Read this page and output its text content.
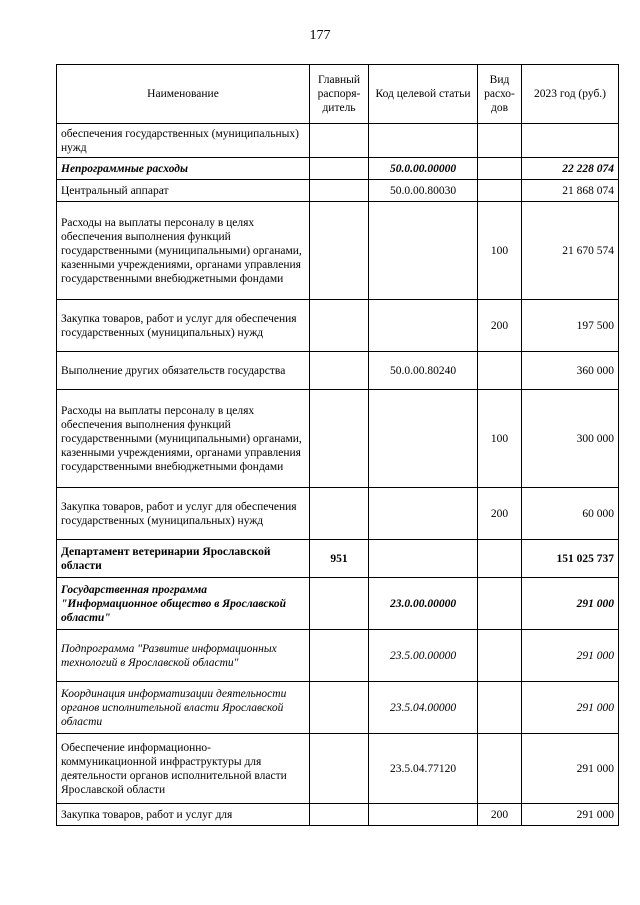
177
Наименование	Главный распоря-дитель	Код целевой статьи	Вид расхо-дов	2023 год (руб.)
обеспечения государственных (муниципальных) нужд				
Непрограммные расходы		50.0.00.00000		22 228 074
Центральный аппарат		50.0.00.80030		21 868 074
Расходы на выплаты персоналу в целях обеспечения выполнения функций государственными (муниципальными) органами, казенными учреждениями, органами управления государственными внебюджетными фондами			100	21 670 574
Закупка товаров, работ и услуг для обеспечения государственных (муниципальных) нужд			200	197 500
Выполнение других обязательств государства		50.0.00.80240		360 000
Расходы на выплаты персоналу в целях обеспечения выполнения функций государственными (муниципальными) органами, казенными учреждениями, органами управления государственными внебюджетными фондами			100	300 000
Закупка товаров, работ и услуг для обеспечения государственных (муниципальных) нужд			200	60 000
Департамент ветеринарии Ярославской области	951			151 025 737
Государственная программа "Информационное общество в Ярославской области"		23.0.00.00000		291 000
Подпрограмма "Развитие информационных технологий в Ярославской области"		23.5.00.00000		291 000
Координация информатизации деятельности органов исполнительной власти Ярославской области		23.5.04.00000		291 000
Обеспечение информационно-коммуникационной инфраструктуры для деятельности органов исполнительной власти Ярославской области		23.5.04.77120		291 000
Закупка товаров, работ и услуг для			200	291 000
